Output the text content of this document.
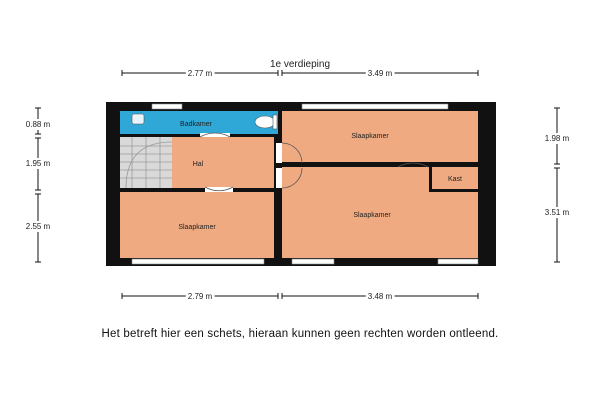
1e verdieping
2.77 m	3.49 m
2.79 m	3.48 m
0.88 m
1.95 m
2.55 m
1.98 m
3.51 m
Badkamer
Hal
Slaapkamer
Slaapkamer
Slaapkamer
Kast
Het betreft hier een schets, hieraan kunnen geen rechten worden ontleend.
